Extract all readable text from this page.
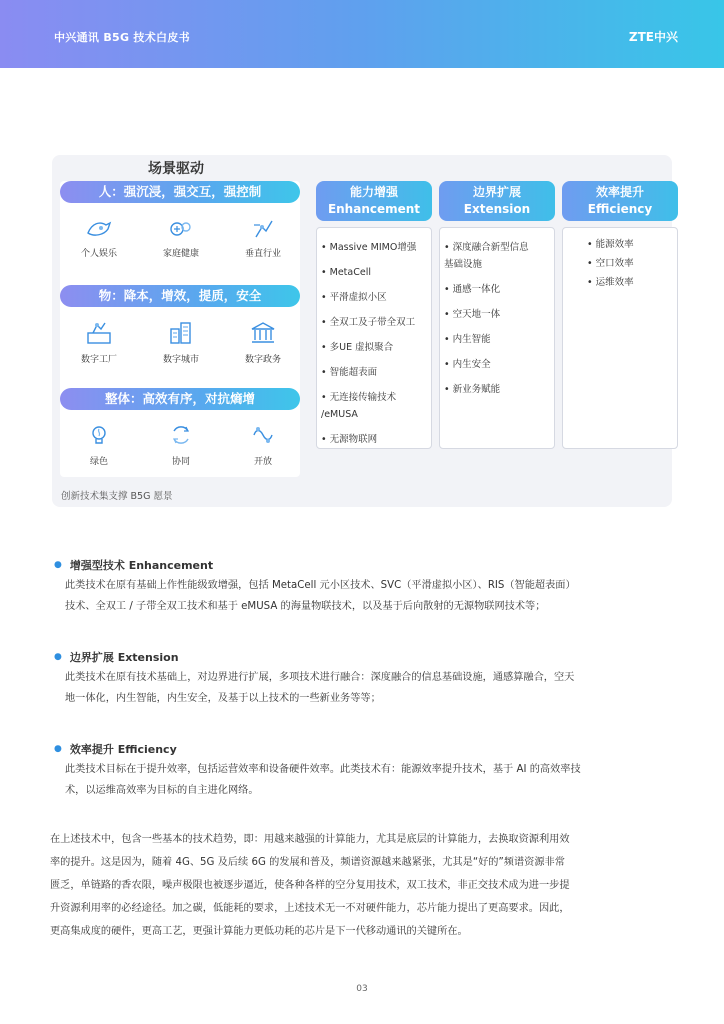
中兴通讯 B5G 技术白皮书	ZTE中兴
场景驱动
人：强沉浸，强交互，强控制
个人娱乐	家庭健康	垂直行业
物：降本，增效，提质，安全
数字工厂	数字城市	数字政务
整体：高效有序，对抗熵增
绿色	协同	开放
能力增强
Enhancement
• Massive MIMO增强
• MetaCell
• 平滑虚拟小区
• 全双工及子带全双工
• 多UE 虚拟聚合
• 智能超表面
• 无连接传输技术 /eMUSA
• 无源物联网
边界扩展
Extension
• 深度融合新型信息 基础设施
• 通感一体化
• 空天地一体
• 内生智能
• 内生安全
• 新业务赋能
效率提升
Efficiency
• 能源效率
• 空口效率
• 运维效率
创新技术集支撑 B5G 愿景
● 增强型技术 Enhancement
此类技术在原有基础上作性能级致增强，包括 MetaCell 元小区技术、SVC（平滑虚拟小区）、RIS（智能超表面）
技术、全双工 / 子带全双工技术和基于 eMUSA 的海量物联技术，以及基于后向散射的无源物联网技术等；
● 边界扩展 Extension
此类技术在原有技术基础上，对边界进行扩展，多项技术进行融合：深度融合的信息基础设施，通感算融合，空天
地一体化，内生智能，内生安全，及基于以上技术的一些新业务等等；
● 效率提升 Efficiency
此类技术目标在于提升效率，包括运营效率和设备硬件效率。此类技术有：能源效率提升技术，基于 AI 的高效率技
术，以运维高效率为目标的自主进化网络。
在上述技术中，包含一些基本的技术趋势，即：用越来越强的计算能力，尤其是底层的计算能力，去换取资源利用效
率的提升。这是因为，随着 4G、5G 及后续 6G 的发展和普及，频谱资源越来越紧张，尤其是“好的”频谱资源非常
匮乏，单链路的香农限，噪声极限也被逐步逼近，使各种各样的空分复用技术，双工技术，非正交技术成为进一步提
升资源利用率的必经途径。加之碳，低能耗的要求，上述技术无一不对硬件能力，芯片能力提出了更高要求。因此，
更高集成度的硬件，更高工艺，更强计算能力更低功耗的芯片是下一代移动通讯的关键所在。
03
